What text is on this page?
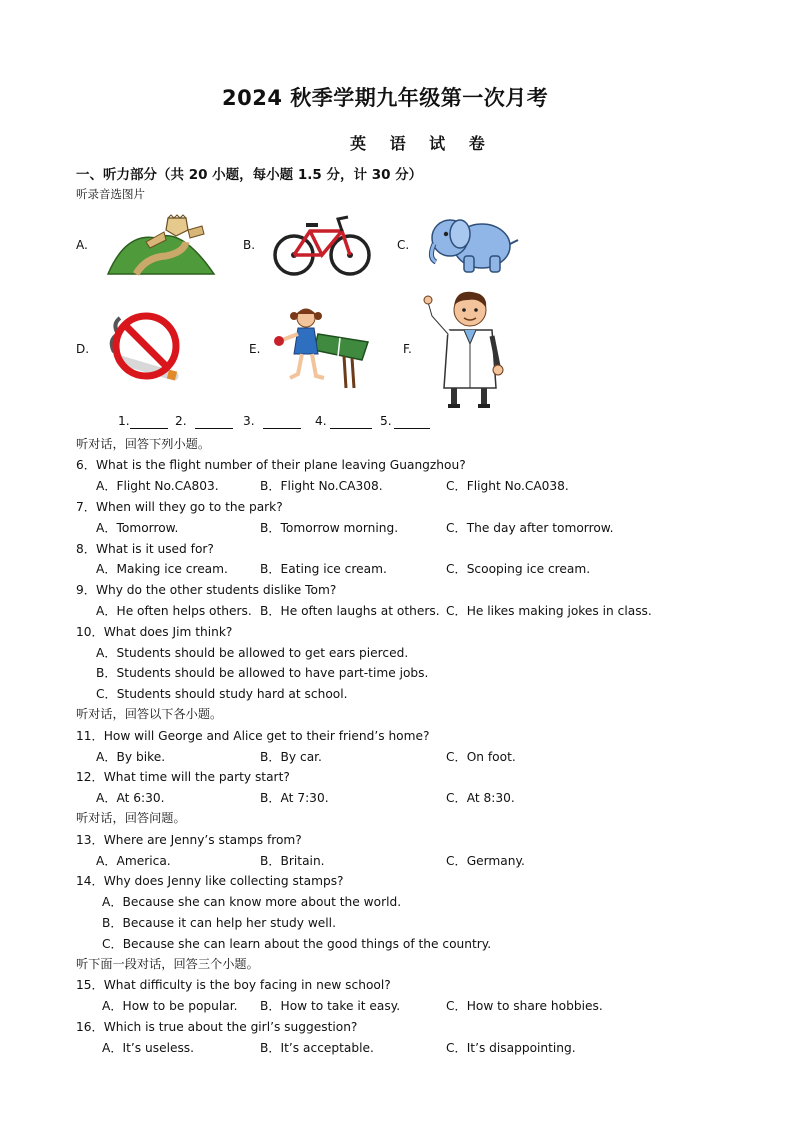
2024 秋季学期九年级第一次月考
英 语 试 卷
一、听力部分（共 20 小题，每小题 1.5 分，计 30 分）
听录音选图片
A.	B.	C.
D.	E.	F.
1.	2.	3.	4.	5.
听对话，回答下列小题。
听对话，回答以下各小题。
听对话，回答问题。
听下面一段对话，回答三个小题。
6．What is the flight number of their plane leaving Guangzhou?
A．Flight No.CA803.	B．Flight No.CA308.	C．Flight No.CA038.
7．When will they go to the park?
A．Tomorrow.	B．Tomorrow morning.	C．The day after tomorrow.
8．What is it used for?
A．Making ice cream.	B．Eating ice cream.	C．Scooping ice cream.
9．Why do the other students dislike Tom?
A．He often helps others. B．He often laughs at others. C．He likes making jokes in class.
10．What does Jim think?
A．Students should be allowed to get ears pierced.
B．Students should be allowed to have part-time jobs.
C．Students should study hard at school.
11．How will George and Alice get to their friend’s home?
A．By bike.	B．By car.	C．On foot.
12．What time will the party start?
A．At 6:30.	B．At 7:30.	C．At 8:30.
13．Where are Jenny’s stamps from?
A．America.	B．Britain.	C．Germany.
14．Why does Jenny like collecting stamps?
A．Because she can know more about the world.
B．Because it can help her study well.
C．Because she can learn about the good things of the country.
15．What difficulty is the boy facing in new school?
A．How to be popular. B．How to take it easy.	C．How to share hobbies.
16．Which is true about the girl’s suggestion?
A．It’s useless.	B．It’s acceptable.	C．It’s disappointing.
